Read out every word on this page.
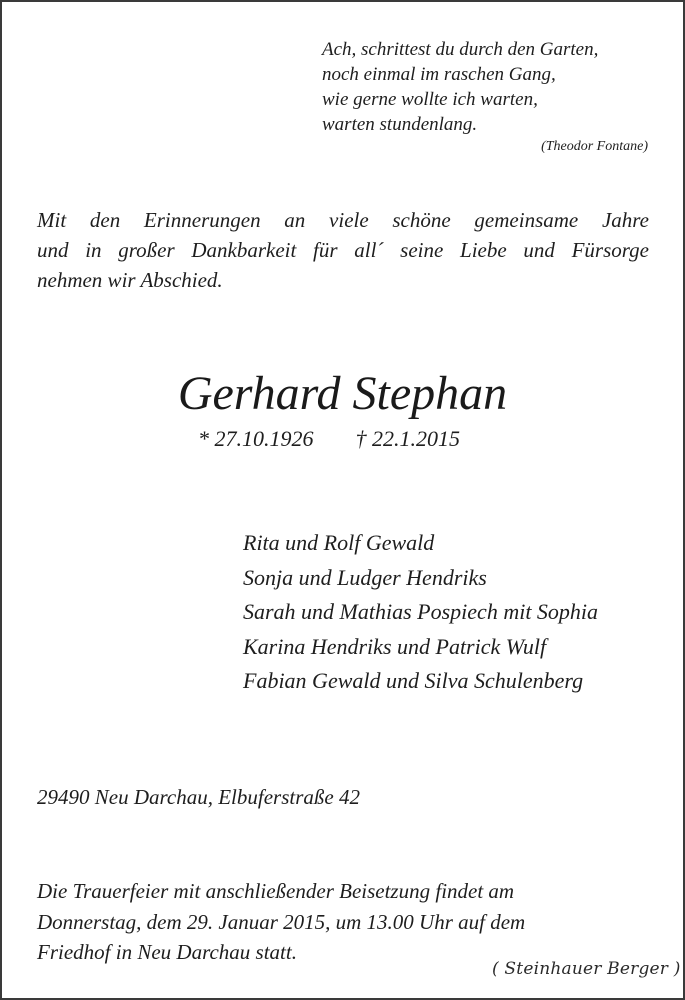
Ach, schrittest du durch den Garten,
noch einmal im raschen Gang,
wie gerne wollte ich warten,
warten stundenlang.
(Theodor Fontane)
Mit den Erinnerungen an viele schöne gemeinsame Jahre
und in großer Dankbarkeit für all´ seine Liebe und Fürsorge
nehmen wir Abschied.
Gerhard Stephan
* 27.10.1926 † 22.1.2015
Rita und Rolf Gewald
Sonja und Ludger Hendriks
Sarah und Mathias Pospiech mit Sophia
Karina Hendriks und Patrick Wulf
Fabian Gewald und Silva Schulenberg
29490 Neu Darchau, Elbuferstraße 42
Die Trauerfeier mit anschließender Beisetzung findet am
Donnerstag, dem 29. Januar 2015, um 13.00 Uhr auf dem
Friedhof in Neu Darchau statt.
( Steinhauer Berger )
